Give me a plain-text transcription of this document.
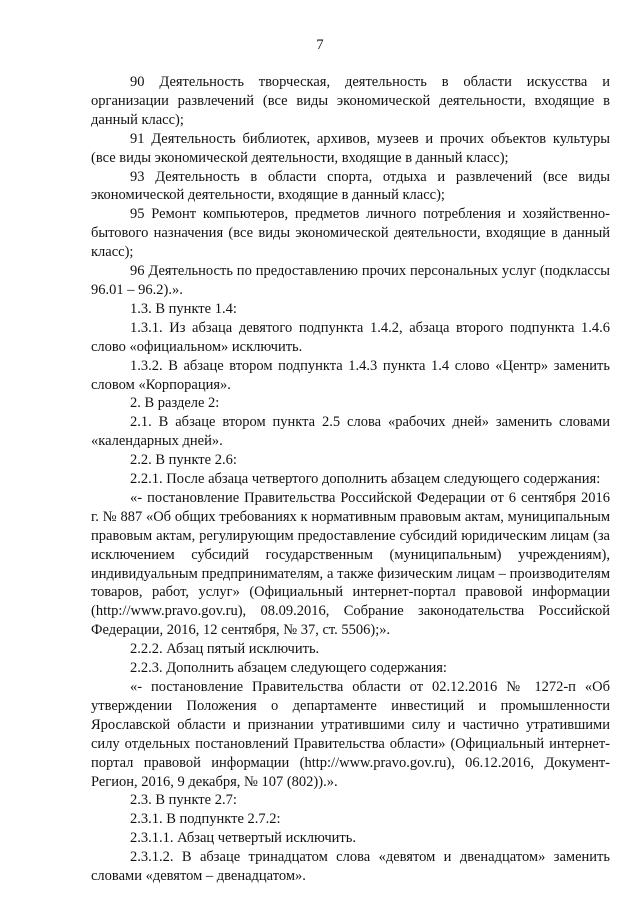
7

90 Деятельность творческая, деятельность в области искусства и организации развлечений (все виды экономической деятельности, входящие в данный класс);

91 Деятельность библиотек, архивов, музеев и прочих объектов культуры (все виды экономической деятельности, входящие в данный класс);

93 Деятельность в области спорта, отдыха и развлечений (все виды экономической деятельности, входящие в данный класс);

95 Ремонт компьютеров, предметов личного потребления и хозяйственно-бытового назначения (все виды экономической деятельности, входящие в данный класс);

96 Деятельность по предоставлению прочих персональных услуг (подклассы 96.01 – 96.2).».

1.3. В пункте 1.4:

1.3.1. Из абзаца девятого подпункта 1.4.2, абзаца второго подпункта 1.4.6 слово «официальном» исключить.

1.3.2. В абзаце втором подпункта 1.4.3 пункта 1.4 слово «Центр» заменить словом «Корпорация».

2. В разделе 2:

2.1. В абзаце втором пункта 2.5 слова «рабочих дней» заменить словами «календарных дней».

2.2. В пункте 2.6:

2.2.1. После абзаца четвертого дополнить абзацем следующего содержания:

«- постановление Правительства Российской Федерации от 6 сентября 2016 г. № 887 «Об общих требованиях к нормативным правовым актам, муниципальным правовым актам, регулирующим предоставление субсидий юридическим лицам (за исключением субсидий государственным (муниципальным) учреждениям), индивидуальным предпринимателям, а также физическим лицам – производителям товаров, работ, услуг» (Официальный интернет-портал правовой информации (http://www.pravo.gov.ru), 08.09.2016, Собрание законодательства Российской Федерации, 2016, 12 сентября, № 37, ст. 5506);».

2.2.2. Абзац пятый исключить.

2.2.3. Дополнить абзацем следующего содержания:

«- постановление Правительства области от 02.12.2016 № 1272-п «Об утверждении Положения о департаменте инвестиций и промышленности Ярославской области и признании утратившими силу и частично утратившими силу отдельных постановлений Правительства области» (Официальный интернет-портал правовой информации (http://www.pravo.gov.ru), 06.12.2016, Документ-Регион, 2016, 9 декабря, № 107 (802)).».

2.3. В пункте 2.7:

2.3.1. В подпункте 2.7.2:

2.3.1.1. Абзац четвертый исключить.

2.3.1.2. В абзаце тринадцатом слова «девятом и двенадцатом» заменить словами «девятом – двенадцатом».
